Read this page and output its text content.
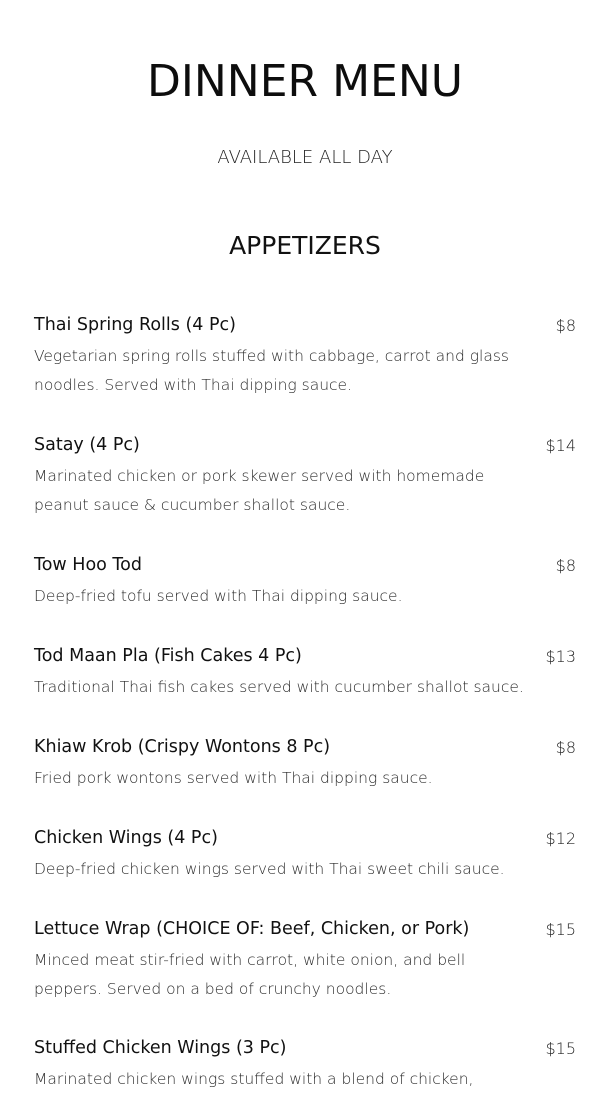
DINNER MENU
AVAILABLE ALL DAY
APPETIZERS
Thai Spring Rolls (4 Pc)	$8
Vegetarian spring rolls stuffed with cabbage, carrot and glass noodles. Served with Thai dipping sauce.
Satay (4 Pc)	$14
Marinated chicken or pork skewer served with homemade peanut sauce & cucumber shallot sauce.
Tow Hoo Tod	$8
Deep-fried tofu served with Thai dipping sauce.
Tod Maan Pla (Fish Cakes 4 Pc)	$13
Traditional Thai fish cakes served with cucumber shallot sauce.
Khiaw Krob (Crispy Wontons 8 Pc)	$8
Fried pork wontons served with Thai dipping sauce.
Chicken Wings (4 Pc)	$12
Deep-fried chicken wings served with Thai sweet chili sauce.
Lettuce Wrap (CHOICE OF: Beef, Chicken, or Pork)	$15
Minced meat stir-fried with carrot, white onion, and bell peppers. Served on a bed of crunchy noodles.
Stuffed Chicken Wings (3 Pc)	$15
Marinated chicken wings stuffed with a blend of chicken,
